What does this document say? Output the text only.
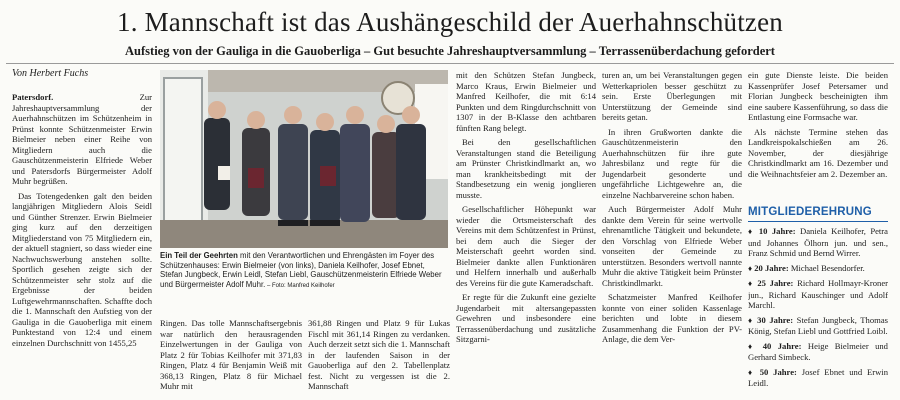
1. Mannschaft ist das Aushängeschild der Auerhahnschützen
Aufstieg von der Gauliga in die Gauoberliga – Gut besuchte Jahreshauptversammlung – Terrassenüberdachung gefordert
Von Herbert Fuchs

Patersdorf.	Zur Jahreshauptversammlung der Auerhahnschützen im Schützenheim in Prünst konnte Schützenmeister Erwin Bielmeier neben einer Reihe von Mitgliedern auch die Gauschützenmeisterin Elfriede Weber und Patersdorfs Bürgermeister Adolf Muhr begrüßen.

Das Totengedenken galt den beiden langjährigen Mitgliedern Alois Seidl und Günther Strenzer. Erwin Bielmeier ging kurz auf den derzeitigen Mitgliederstand von 75 Mitgliedern ein, der aktuell stagniert, so dass wieder eine Nachwuchswerbung anstehen sollte. Sportlich gesehen zeigte sich der Schützenmeister sehr stolz auf die Ergebnisse der beiden Luftgewehrmannschaften. Schaffte doch die 1. Mannschaft den Aufstieg von der Gauliga in die Gauoberliga mit einem Punktestand von 12:4 und einem einzelnen Durchschnitt von 1455,25

Ein Teil der Geehrten mit den Verantwortlichen und Ehrengästen im Foyer des Schützenhauses: Erwin Bielmeier (von links), Daniela Keilhofer, Josef Ebnet, Stefan Jungbeck, Erwin Leidl, Stefan Liebl, Gauschützenmeisterin Elfriede Weber und Bürgermeister Adolf Muhr. – Foto: Manfred Keilhofer

Ringen. Das tolle Mannschaftsergebnis war natürlich den herausragenden Einzelwertungen in der Gauliga von Platz 2 für Tobias Keilhofer mit 371,83 Ringen, Platz 4 für Benjamin Weiß mit 368,13 Ringen, Platz 8 für Michael Muhr mit

361,88 Ringen und Platz 9 für Lukas Fischl mit 361,14 Ringen zu verdanken. Auch derzeit setzt sich die 1. Mannschaft in der laufenden Saison in der Gauoberliga auf den 2. Tabellenplatz fest. Nicht zu vergessen ist die 2. Mannschaft

mit den Schützen Stefan Jungbeck, Marco Kraus, Erwin Bielmeier und Manfred Keilhofer, die mit 6:14 Punkten und dem Ringdurchschnitt von 1307 in der B-Klasse den achtbaren fünften Rang belegt.

Bei den gesellschaftlichen Veranstaltungen stand die Beteiligung am Prünster Christkindlmarkt an, wo man krankheitsbedingt mit der Standbesetzung ein wenig jonglieren musste.

Gesellschaftlicher Höhepunkt war wieder die Ortsmeisterschaft des Vereins mit dem Schützenfest in Prünst, bei dem auch die Sieger der Meisterschaft geehrt worden sind. Bielmeier dankte allen Funktionären und Helfern innerhalb und außerhalb des Vereins für die gute Kameradschaft.

Er regte für die Zukunft eine gezielte Jugendarbeit mit altersangepassten Gewehren und insbesondere eine Terrassenüberdachung und zusätzliche Sitzgarni-

turen an, um bei Veranstaltungen gegen Wetterkapriolen besser geschützt zu sein. Erste Überlegungen mit Unterstützung der Gemeinde sind bereits getan.

In ihren Grußworten dankte die Gauschützenmeisterin den Auerhahnschützen für ihre gute Jahresbilanz und regte für die Jugendarbeit gesonderte und ungefährliche Lichtgewehre an, die einzelne Nachbarvereine schon haben.

Auch Bürgermeister Adolf Muhr dankte dem Verein für seine wertvolle ehrenamtliche Tätigkeit und bekundete, den Vorschlag von Elfriede Weber vonseiten der Gemeinde zu unterstützen. Besonders wertvoll nannte Muhr die aktive Tätigkeit beim Prünster Christkindlmarkt.

Schatzmeister Manfred Keilhofer konnte von einer soliden Kassenlage berichten und lobte in diesem Zusammenhang die Funktion der PV-Anlage, die dem Ver-

ein gute Dienste leiste. Die beiden Kassenprüfer Josef Petersamer und Florian Jungbeck bescheinigten ihm eine saubere Kassenführung, so dass die Entlastung eine Formsache war.

Als nächste Termine stehen das Landkreispokalschießen am 26. November, der diesjährige Christkindlmarkt am 16. Dezember und die Weihnachtsfeier am 2. Dezember an.

MITGLIEDEREHRUNG

♦ 10 Jahre: Daniela Keilhofer, Petra und Johannes Ölhorn jun. und sen., Franz Schmid und Bernd Wirrer.

♦ 20 Jahre: Michael Besendorfer.

♦ 25 Jahre: Richard Hollmayr-Kroner jun., Richard Kauschinger und Adolf Marchl.

♦ 30 Jahre: Stefan Jungbeck, Thomas König, Stefan Liebl und Gottfried Loibl.

♦ 40 Jahre: Heige Bielmeier und Gerhard Simbeck.

♦ 50 Jahre: Josef Ebnet und Erwin Leidl.
